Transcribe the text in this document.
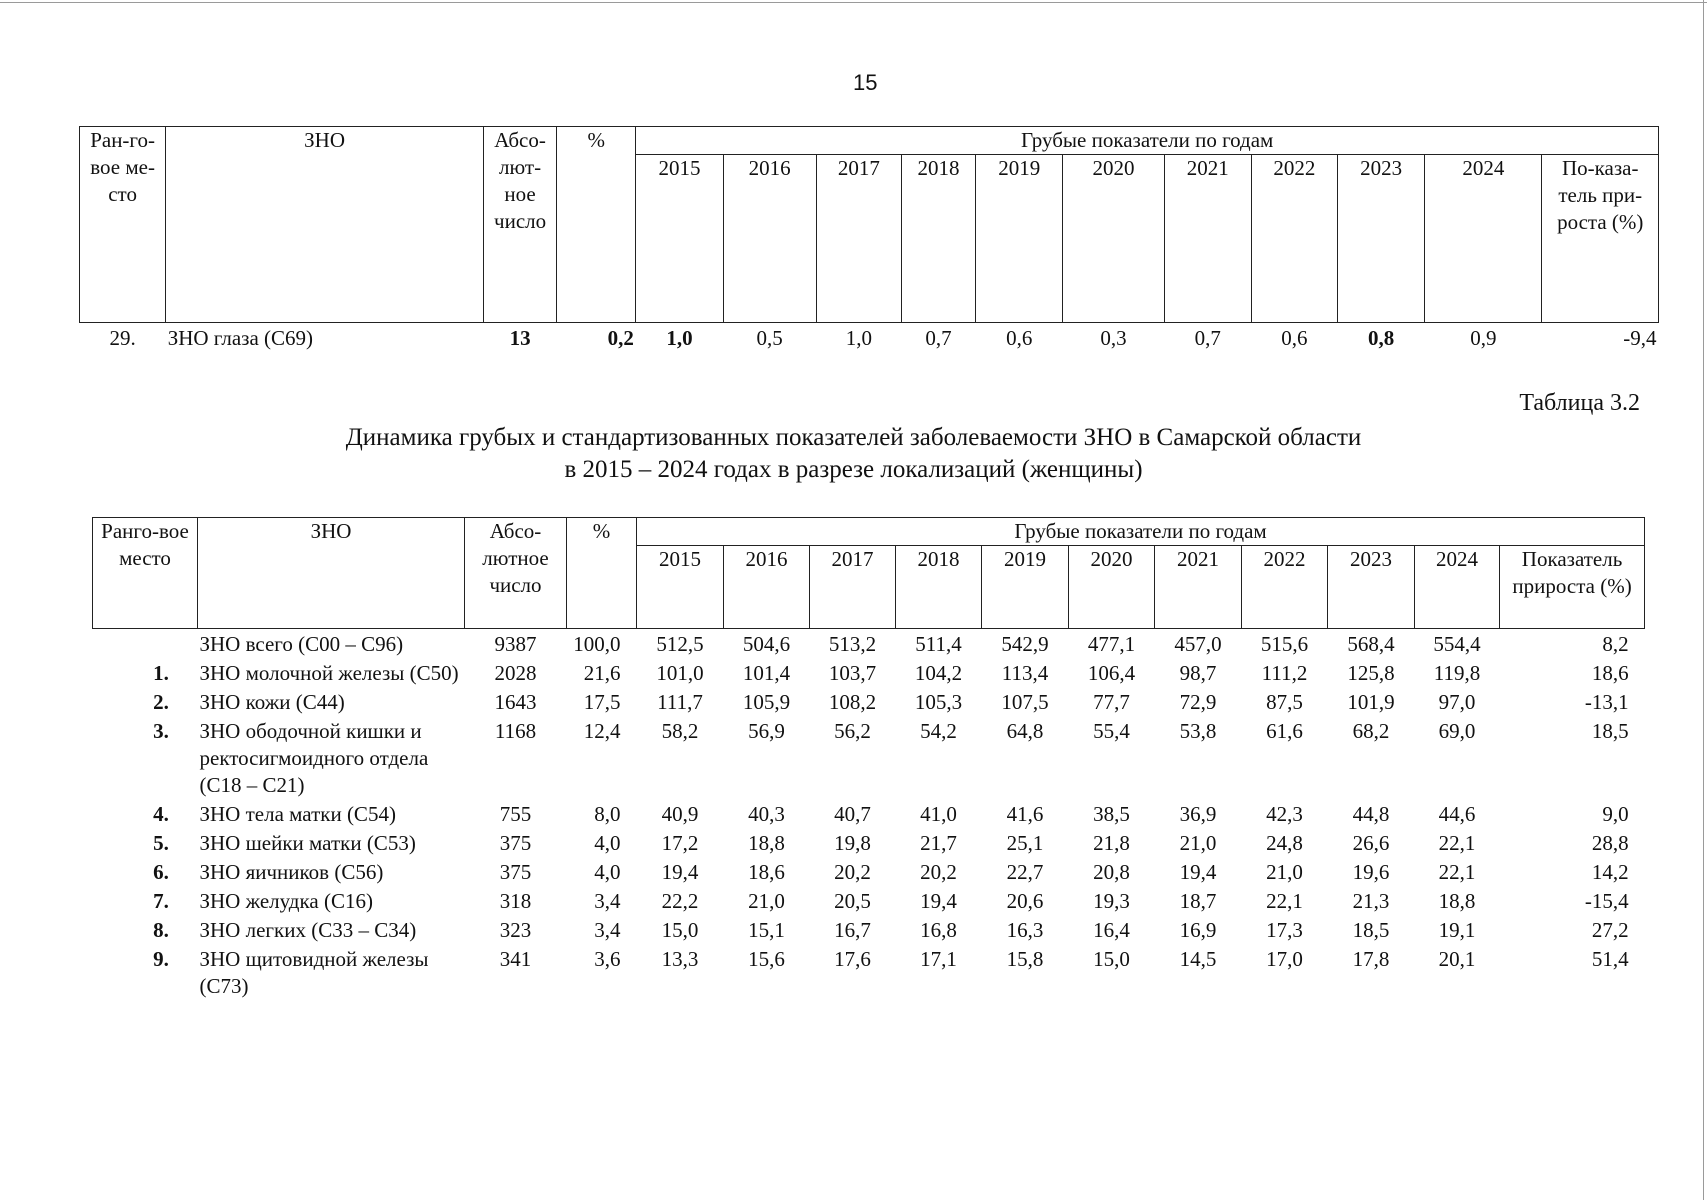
15
Ран-го-вое ме-сто	ЗНО	Абсо-лют-ное число	%	Грубые показатели по годам										
				2015	2016	2017	2018	2019	2020	2021	2022	2023	2024	По-каза-тель при-роста (%)
29.	ЗНО глаза (С69)	13	0,2	1,0	0,5	1,0	0,7	0,6	0,3	0,7	0,6	0,8	0,9	-9,4
Таблица 3.2
Динамика грубых и стандартизованных показателей заболеваемости ЗНО в Самарской области
в 2015 – 2024 годах в разрезе локализаций (женщины)
Ранго-вое место	ЗНО	Абсо-лютное число	%	Грубые показатели по годам										
				2015	2016	2017	2018	2019	2020	2021	2022	2023	2024	Показатель прироста (%)
	ЗНО всего (С00 – С96)	9387	100,0	512,5	504,6	513,2	511,4	542,9	477,1	457,0	515,6	568,4	554,4	8,2
1.	ЗНО молочной железы (С50)	2028	21,6	101,0	101,4	103,7	104,2	113,4	106,4	98,7	111,2	125,8	119,8	18,6
2.	ЗНО кожи (С44)	1643	17,5	111,7	105,9	108,2	105,3	107,5	77,7	72,9	87,5	101,9	97,0	-13,1
3.	ЗНО ободочной кишки и ректосигмоидного отдела (С18 – С21)	1168	12,4	58,2	56,9	56,2	54,2	64,8	55,4	53,8	61,6	68,2	69,0	18,5
4.	ЗНО тела матки (С54)	755	8,0	40,9	40,3	40,7	41,0	41,6	38,5	36,9	42,3	44,8	44,6	9,0
5.	ЗНО шейки матки (С53)	375	4,0	17,2	18,8	19,8	21,7	25,1	21,8	21,0	24,8	26,6	22,1	28,8
6.	ЗНО яичников (С56)	375	4,0	19,4	18,6	20,2	20,2	22,7	20,8	19,4	21,0	19,6	22,1	14,2
7.	ЗНО желудка (С16)	318	3,4	22,2	21,0	20,5	19,4	20,6	19,3	18,7	22,1	21,3	18,8	-15,4
8.	ЗНО легких (С33 – С34)	323	3,4	15,0	15,1	16,7	16,8	16,3	16,4	16,9	17,3	18,5	19,1	27,2
9.	ЗНО щитовидной железы (С73)	341	3,6	13,3	15,6	17,6	17,1	15,8	15,0	14,5	17,0	17,8	20,1	51,4
